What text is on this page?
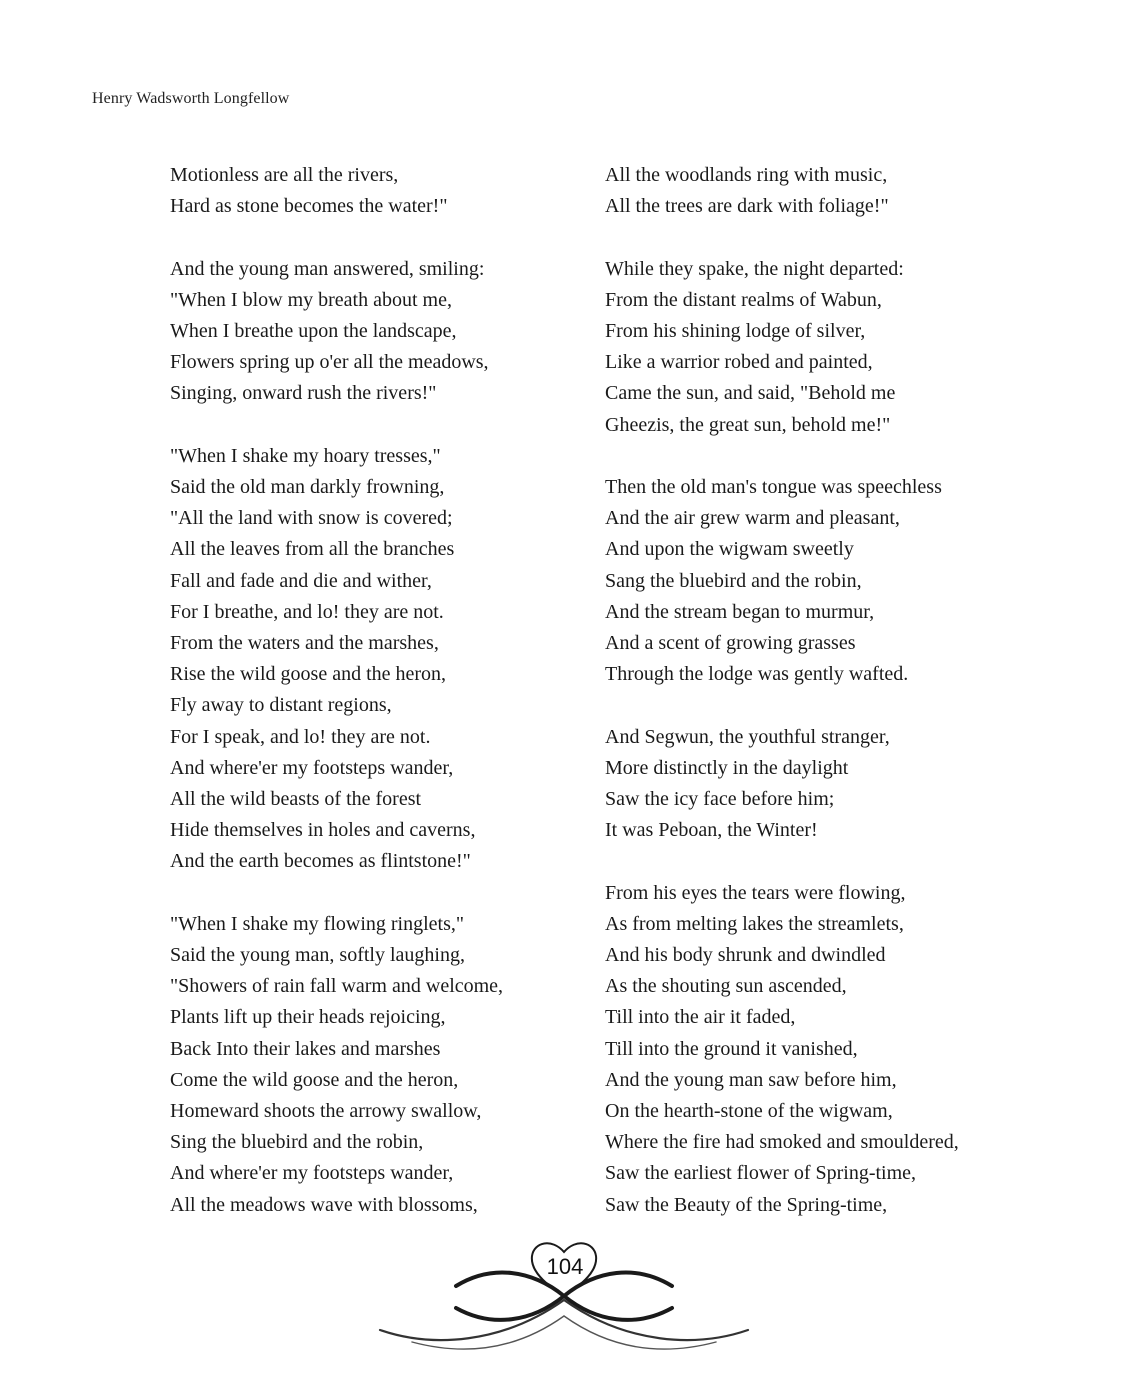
Henry Wadsworth Longfellow
Motionless are all the rivers,
Hard as stone becomes the water!"
And the young man answered, smiling:
"When I blow my breath about me,
When I breathe upon the landscape,
Flowers spring up o'er all the meadows,
Singing, onward rush the rivers!"
"When I shake my hoary tresses,"
Said the old man darkly frowning,
"All the land with snow is covered;
All the leaves from all the branches
Fall and fade and die and wither,
For I breathe, and lo! they are not.
From the waters and the marshes,
Rise the wild goose and the heron,
Fly away to distant regions,
For I speak, and lo! they are not.
And where'er my footsteps wander,
All the wild beasts of the forest
Hide themselves in holes and caverns,
And the earth becomes as flintstone!"
"When I shake my flowing ringlets,"
Said the young man, softly laughing,
"Showers of rain fall warm and welcome,
Plants lift up their heads rejoicing,
Back Into their lakes and marshes
Come the wild goose and the heron,
Homeward shoots the arrowy swallow,
Sing the bluebird and the robin,
And where'er my footsteps wander,
All the meadows wave with blossoms,
All the woodlands ring with music,
All the trees are dark with foliage!"
While they spake, the night departed:
From the distant realms of Wabun,
From his shining lodge of silver,
Like a warrior robed and painted,
Came the sun, and said, "Behold me
Gheezis, the great sun, behold me!"
Then the old man's tongue was speechless
And the air grew warm and pleasant,
And upon the wigwam sweetly
Sang the bluebird and the robin,
And the stream began to murmur,
And a scent of growing grasses
Through the lodge was gently wafted.
And Segwun, the youthful stranger,
More distinctly in the daylight
Saw the icy face before him;
It was Peboan, the Winter!
From his eyes the tears were flowing,
As from melting lakes the streamlets,
And his body shrunk and dwindled
As the shouting sun ascended,
Till into the air it faded,
Till into the ground it vanished,
And the young man saw before him,
On the hearth-stone of the wigwam,
Where the fire had smoked and smouldered,
Saw the earliest flower of Spring-time,
Saw the Beauty of the Spring-time,
104
